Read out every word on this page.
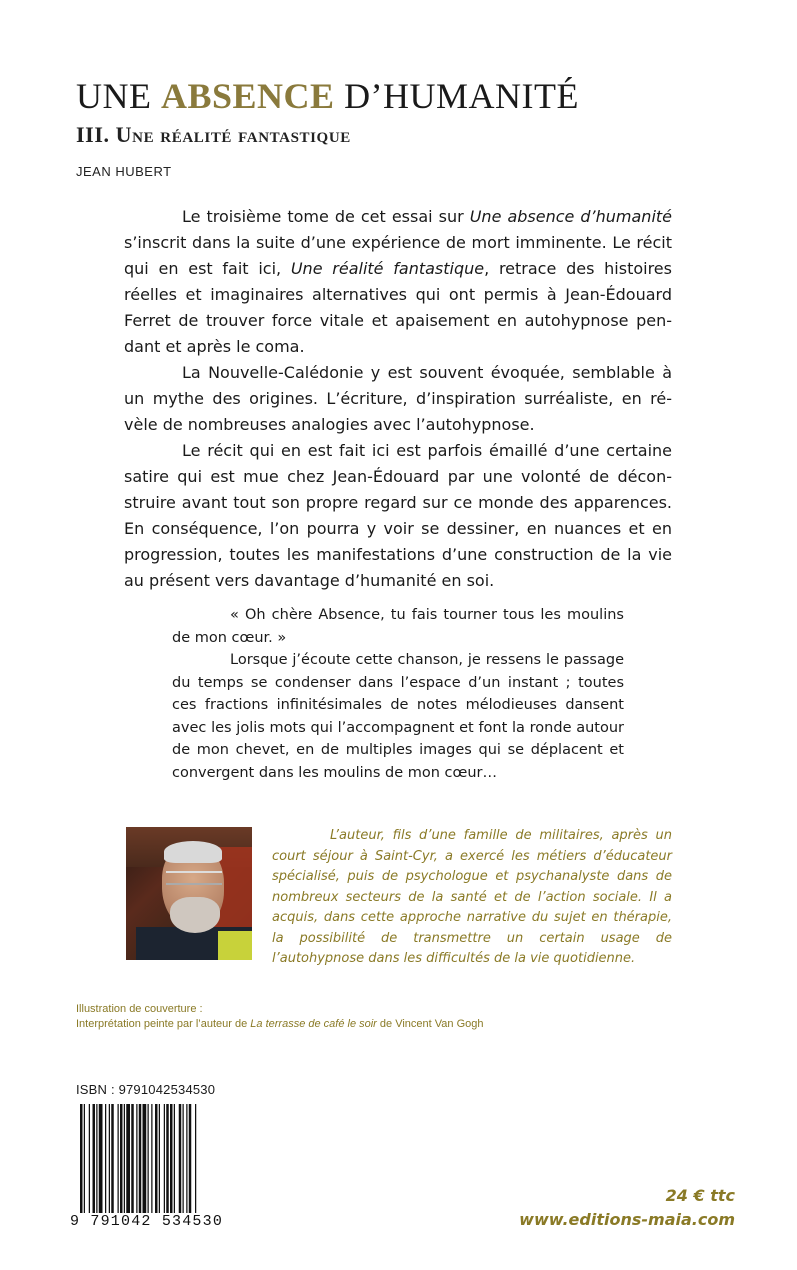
UNE ABSENCE D’HUMANITÉ
III. Une réalité fantastique
JEAN HUBERT

Le troisième tome de cet essai sur Une absence d’humanité s’inscrit dans la suite d’une expérience de mort imminente. Le récit qui en est fait ici, Une réalité fantastique, retrace des histoires réelles et imaginaires alternatives qui ont permis à Jean-Édouard Ferret de trouver force vitale et apaisement en autohypnose pendant et après le coma.

La Nouvelle-Calédonie y est souvent évoquée, semblable à un mythe des origines. L’écriture, d’inspiration surréaliste, en révèle de nombreuses analogies avec l’autohypnose.

Le récit qui en est fait ici est parfois émaillé d’une certaine satire qui est mue chez Jean-Édouard par une volonté de déconstruire avant tout son propre regard sur ce monde des apparences. En conséquence, l’on pourra y voir se dessiner, en nuances et en progression, toutes les manifestations d’une construction de la vie au présent vers davantage d’humanité en soi.

« Oh chère Absence, tu fais tourner tous les moulins de mon cœur. »

Lorsque j’écoute cette chanson, je ressens le passage du temps se condenser dans l’espace d’un instant ; toutes ces fractions infinitésimales de notes mélodieuses dansent avec les jolis mots qui l’accompagnent et font la ronde autour de mon chevet, en de multiples images qui se déplacent et convergent dans les moulins de mon cœur…

L’auteur, fils d’une famille de militaires, après un court séjour à Saint-Cyr, a exercé les métiers d’éducateur spécialisé, puis de psychologue et psychanalyste dans de nombreux secteurs de la santé et de l’action sociale. Il a acquis, dans cette approche narrative du sujet en thérapie, la possibilité de transmettre un certain usage de l’autohypnose dans les difficultés de la vie quotidienne.

Illustration de couverture :
Interprétation peinte par l’auteur de La terrasse de café le soir de Vincent Van Gogh
ISBN : 9791042534530
9 791042 534530
24 € ttc
www.editions-maia.com
